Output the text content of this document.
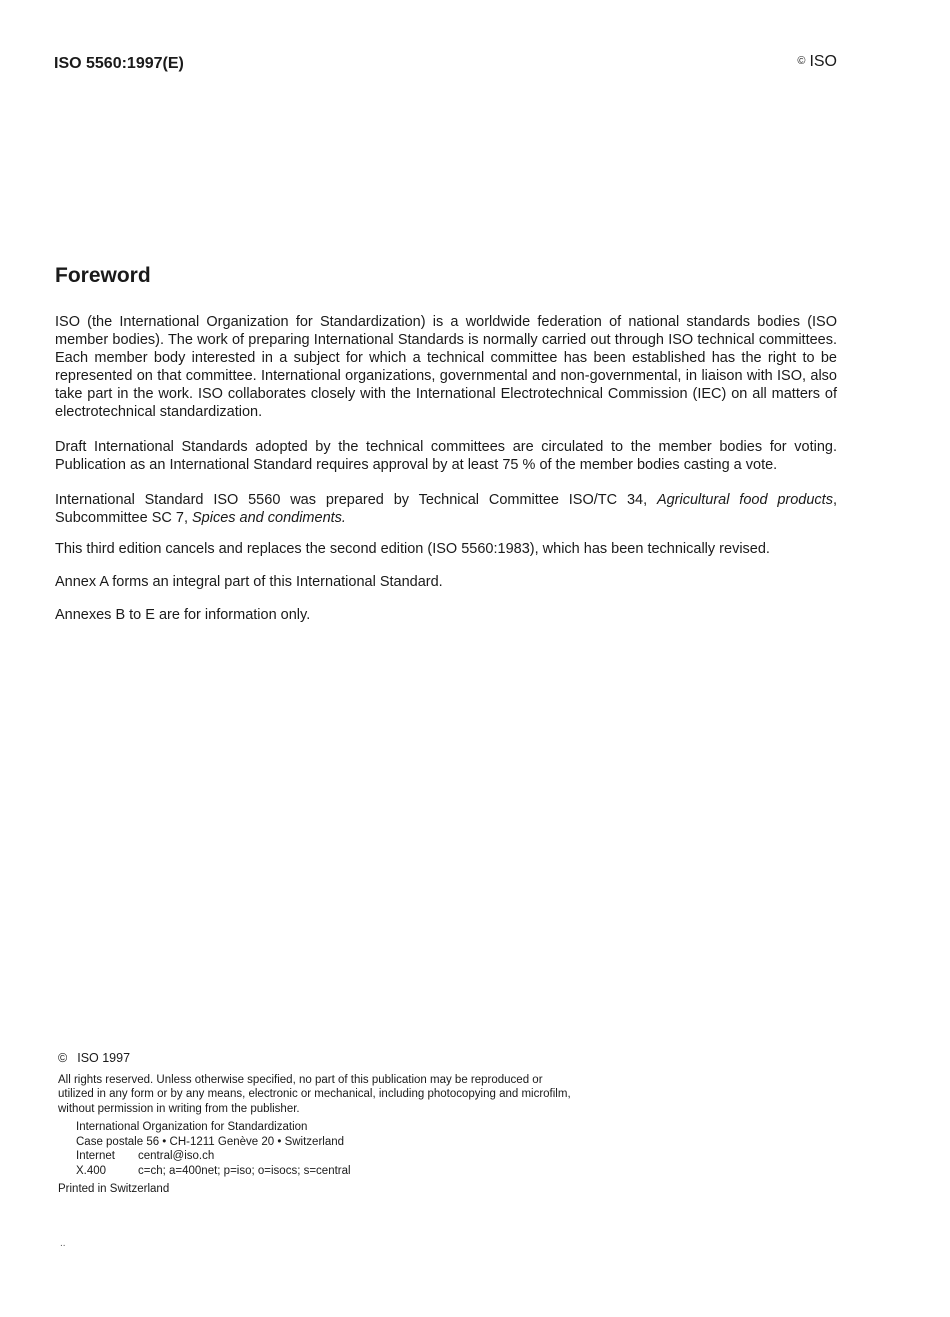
ISO 5560:1997(E)	© ISO
Foreword

ISO (the International Organization for Standardization) is a worldwide federation of national standards bodies (ISO member bodies). The work of preparing International Standards is normally carried out through ISO technical committees. Each member body interested in a subject for which a technical committee has been established has the right to be represented on that committee. International organizations, governmental and non-governmental, in liaison with ISO, also take part in the work. ISO collaborates closely with the International Electrotechnical Commission (IEC) on all matters of electrotechnical standardization.

Draft International Standards adopted by the technical committees are circulated to the member bodies for voting. Publication as an International Standard requires approval by at least 75 % of the member bodies casting a vote.

International Standard ISO 5560 was prepared by Technical Committee ISO/TC 34, Agricultural food products, Subcommittee SC 7, Spices and condiments.

This third edition cancels and replaces the second edition (ISO 5560:1983), which has been technically revised.

Annex A forms an integral part of this International Standard.

Annexes B to E are for information only.

© ISO 1997
All rights reserved. Unless otherwise specified, no part of this publication may be reproduced or utilized in any form or by any means, electronic or mechanical, including photocopying and microfilm, without permission in writing from the publisher.
International Organization for Standardization
Case postale 56 • CH-1211 Genève 20 • Switzerland
Internet central@iso.ch
X.400	c=ch; a=400net; p=iso; o=isocs; s=central
Printed in Switzerland
..
